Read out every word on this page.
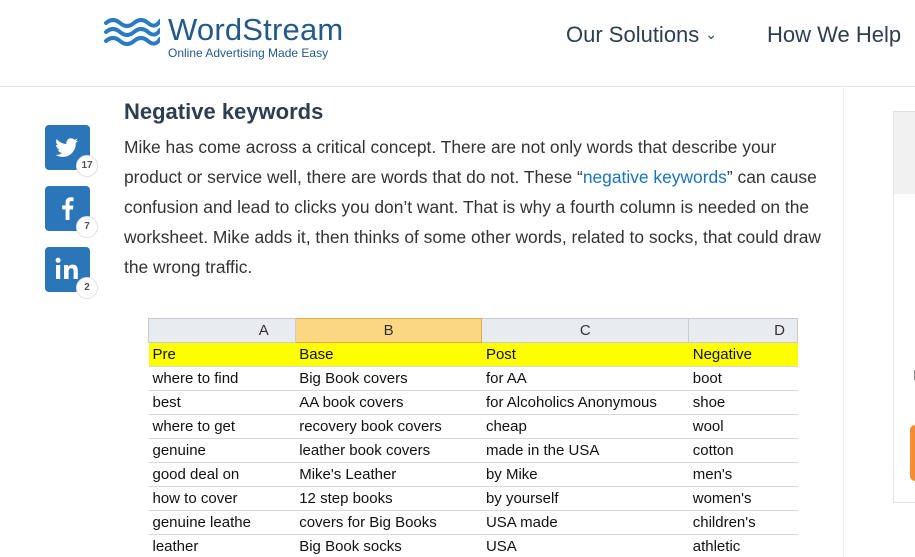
WordStream
Online Advertising Made Easy
Our Solutions ⌄ How We Help
17
7
2
Negative keywords

Mike has come across a critical concept. There are not only words that describe your product or service well, there are words that do not. These “negative keywords” can cause confusion and lead to clicks you don’t want. That is why a fourth column is needed on the worksheet. Mike adds it, then thinks of some other words, related to socks, that could draw the wrong traffic.

A	B	C	D
Pre	Base	Post	Negative
where to find	Big Book covers	for AA	boot
best	AA book covers	for Alcoholics Anonymous	shoe
where to get	recovery book covers	cheap	wool
genuine	leather book covers	made in the USA	cotton
good deal on	Mike's Leather	by Mike	men's
how to cover	12 step books	by yourself	women's
genuine leathe	covers for Big Books	USA made	children's
leather	Big Book socks	USA	athletic
